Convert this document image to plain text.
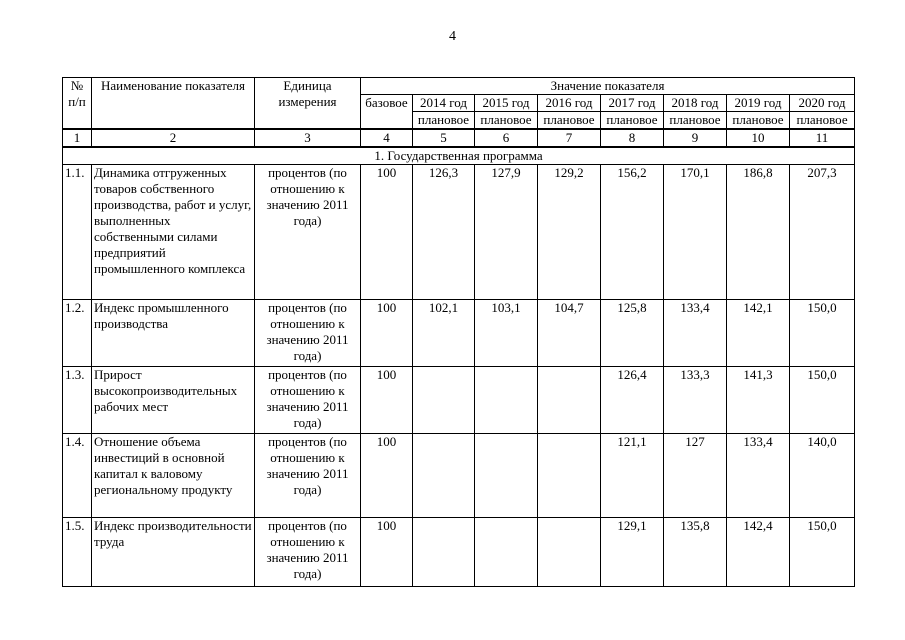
4
№ п/п	Наименование показателя	Единица измерения	Значение показателя							
			базовое	2014 год	2015 год	2016 год	2017 год	2018 год	2019 год	2020 год
				плановое	плановое	плановое	плановое	плановое	плановое	плановое
1	2	3	4	5	6	7	8	9	10	11
1. Государственная программа										
1.1.	Динамика отгруженных товаров собственного производства, работ и услуг, выполненных собственными силами предприятий промышленного комплекса	процентов (по отношению к значению 2011 года)	100	126,3	127,9	129,2	156,2	170,1	186,8	207,3
1.2.	Индекс промышленного производства	процентов (по отношению к значению 2011 года)	100	102,1	103,1	104,7	125,8	133,4	142,1	150,0
1.3.	Прирост высокопроизводительных рабочих мест	процентов (по отношению к значению 2011 года)	100				126,4	133,3	141,3	150,0
1.4.	Отношение объема инвестиций в основной капитал к валовому региональному продукту	процентов (по отношению к значению 2011 года)	100				121,1	127	133,4	140,0
1.5.	Индекс производительности труда	процентов (по отношению к значению 2011 года)	100				129,1	135,8	142,4	150,0
